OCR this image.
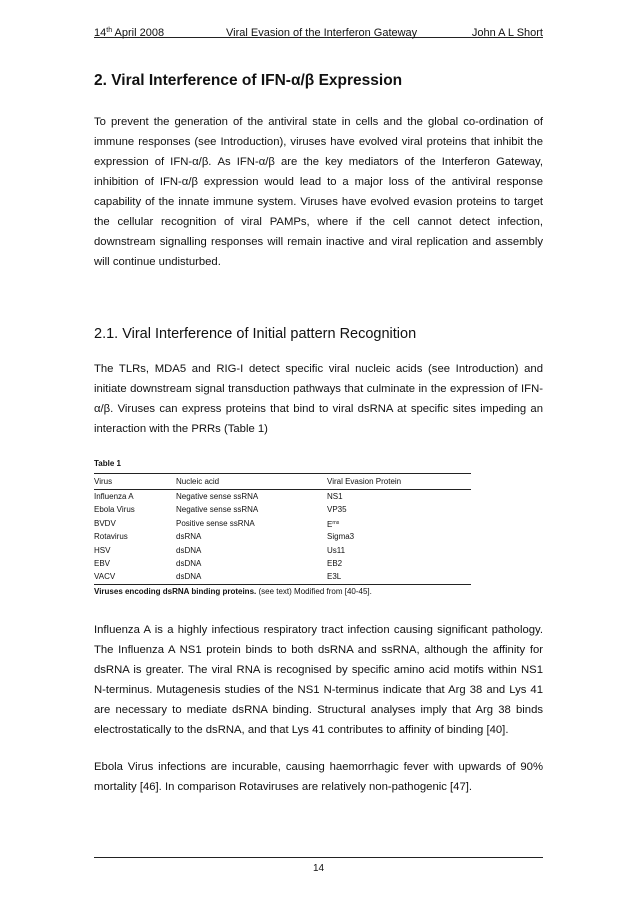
14th April 2008	Viral Evasion of the Interferon Gateway	John A L Short
2. Viral Interference of IFN-α/β Expression

To prevent the generation of the antiviral state in cells and the global co-ordination of immune responses (see Introduction), viruses have evolved viral proteins that inhibit the expression of IFN-α/β. As IFN-α/β are the key mediators of the Interferon Gateway, inhibition of IFN-α/β expression would lead to a major loss of the antiviral response capability of the innate immune system. Viruses have evolved evasion proteins to target the cellular recognition of viral PAMPs, where if the cell cannot detect infection, downstream signalling responses will remain inactive and viral replication and assembly will continue undisturbed.

2.1. Viral Interference of Initial pattern Recognition

The TLRs, MDA5 and RIG-I detect specific viral nucleic acids (see Introduction) and initiate downstream signal transduction pathways that culminate in the expression of IFN-α/β. Viruses can express proteins that bind to viral dsRNA at specific sites impeding an interaction with the PRRs (Table 1)

Table 1
Virus	Nucleic acid	Viral Evasion Protein
Influenza A	Negative sense ssRNA	NS1
Ebola Virus	Negative sense ssRNA	VP35
BVDV	Positive sense ssRNA	$E^{rns}$
Rotavirus	dsRNA	Sigma3
HSV	dsDNA	Us11
EBV	dsDNA	EB2
VACV	dsDNA	E3L
Viruses encoding dsRNA binding proteins. (see text) Modified from [40-45].

Influenza A is a highly infectious respiratory tract infection causing significant pathology. The Influenza A NS1 protein binds to both dsRNA and ssRNA, although the affinity for dsRNA is greater. The viral RNA is recognised by specific amino acid motifs within NS1 N-terminus. Mutagenesis studies of the NS1 N-terminus indicate that Arg 38 and Lys 41 are necessary to mediate dsRNA binding. Structural analyses imply that Arg 38 binds electrostatically to the dsRNA, and that Lys 41 contributes to affinity of binding [40].

Ebola Virus infections are incurable, causing haemorrhagic fever with upwards of 90% mortality [46]. In comparison Rotaviruses are relatively non-pathogenic [47].

14
